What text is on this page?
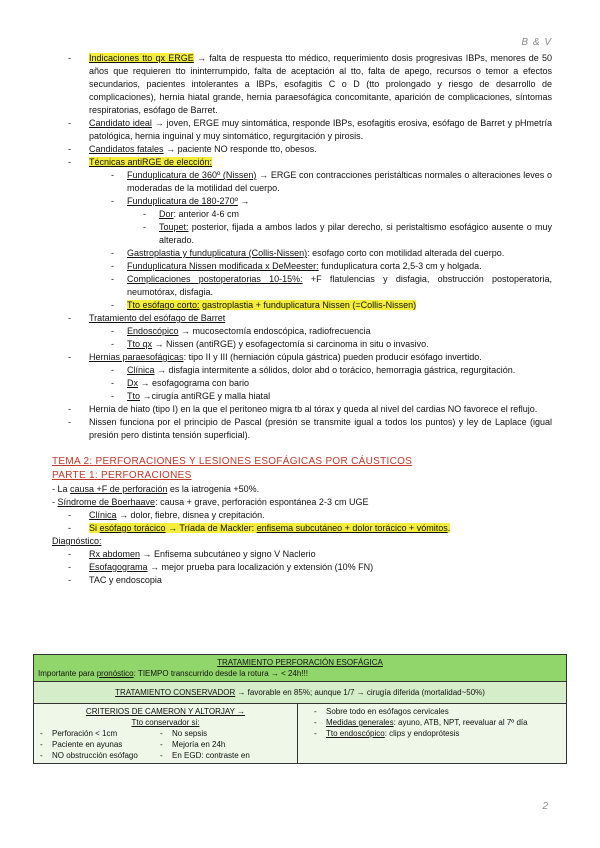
B & V
- Indicaciones tto qx ERGE → falta de respuesta tto médico, requerimiento dosis progresivas IBPs, menores de 50 años que requieren tto ininterrumpido, falta de aceptación al tto, falta de apego, recursos o temor a efectos secundarios, pacientes intolerantes a IBPs, esofagitis C o D (tto prolongado y riesgo de desarrollo de complicaciones), hernia hiatal grande, hernia paraesofágica concomitante, aparición de complicaciones, síntomas respiratorias, esófago de Barret.
- Candidato ideal → joven, ERGE muy sintomática, responde IBPs, esofagitis erosiva, esófago de Barret y pHmetría patológica, hernia inguinal y muy sintomático, regurgitación y pirosis.
- Candidatos fatales → paciente NO responde tto, obesos.
- Técnicas antiRGE de elección:
- Funduplicatura de 360º (Nissen) → ERGE con contracciones peristálticas normales o alteraciones leves o moderadas de la motilidad del cuerpo.
- Funduplicatura de 180-270º →
- Dor: anterior 4-6 cm
- Toupet: posterior, fijada a ambos lados y pilar derecho, si peristaltismo esofágico ausente o muy alterado.
- Gastroplastia y funduplicatura (Collis-Nissen): esofago corto con motilidad alterada del cuerpo.
- Funduplicatura Nissen modificada x DeMeester: funduplicatura corta 2,5-3 cm y holgada.
- Complicaciones postoperatorias 10-15%: +F flatulencias y disfagia, obstrucción postoperatoria, neumotórax, disfagia.
- Tto esófago corto: gastroplastia + funduplicatura Nissen (=Collis-Nissen)
- Tratamiento del esófago de Barret
- Endoscópico → mucosectomía endoscópica, radiofrecuencia
- Tto qx → Nissen (antiRGE) y esofagectomía si carcinoma in situ o invasivo.
- Hernias paraesofágicas: tipo II y III (herniación cúpula gástrica) pueden producir esófago invertido.
- Clínica → disfagia intermitente a sólidos, dolor abd o torácico, hemorragia gástrica, regurgitación.
- Dx → esofagograma con bario
- Tto →cirugía antiRGE y malla hiatal
- Hernia de hiato (tipo I) en la que el peritoneo migra tb al tórax y queda al nivel del cardias NO favorece el reflujo.
- Nissen funciona por el principio de Pascal (presión se transmite igual a todos los puntos) y ley de Laplace (igual presión pero distinta tensión superficial).
TEMA 2: PERFORACIONES Y LESIONES ESOFÁGICAS POR CÁUSTICOS
PARTE 1: PERFORACIONES
- La causa +F de perforación es la iatrogenia +50%.
- Síndrome de Boerhaave: causa + grave, perforación espontánea 2-3 cm UGE
- Clínica → dolor, fiebre, disnea y crepitación.
- Si esófago torácico → Tríada de Mackler: enfisema subcutáneo + dolor torácico + vómitos.
Diagnóstico:
- Rx abdomen → Enfisema subcutáneo y signo V Naclerio
- Esofagograma → mejor prueba para localización y extensión (10% FN)
- TAC y endoscopia
TRATAMIENTO PERFORACIÓN ESOFÁGICA
Importante para pronóstico: TIEMPO transcurrido desde la rotura → < 24h!!!

TRATAMIENTO CONSERVADOR → favorable en 85%; aunque 1/7 → cirugía diferida (mortalidad~50%)

CRITERIOS DE CAMERON Y ALTORJAY →
Tto conservador si:
- Perforación < 1cm
- Paciente en ayunas
- NO obstrucción esófago
- No sepsis
- Mejoría en 24h
- En EGD: contraste en

- Sobre todo en esófagos cervicales
- Medidas generales: ayuno, ATB, NPT, reevaluar al 7º día
- Tto endoscópico: clips y endoprótesis
2
